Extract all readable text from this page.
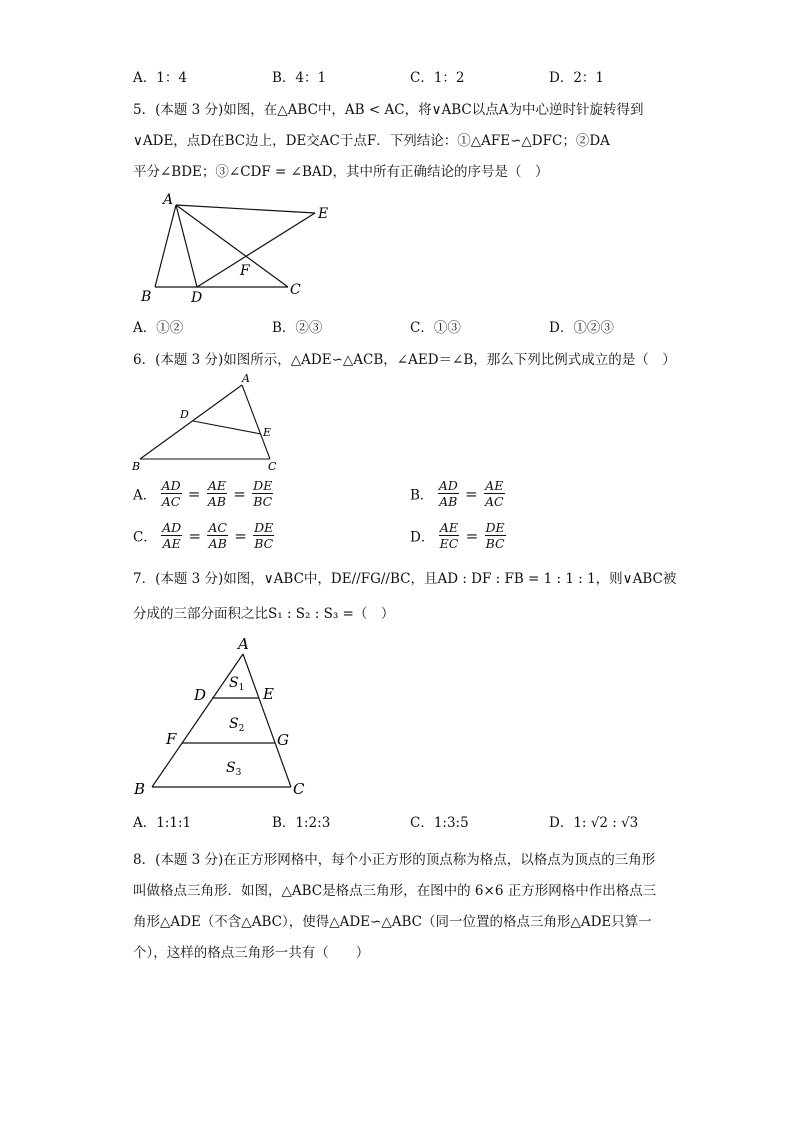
A．1：4	B．4：1	C．1：2	D．2：1
5．(本题 3 分)如图，在△ABC中，AB < AC，将∨ABC以点A为中心逆时针旋转得到
∨ADE，点D在BC边上，DE交AC于点F．下列结论：①△AFE∽△DFC；②DA
平分∠BDE；③∠CDF = ∠BAD，其中所有正确结论的序号是（　）
A
E
F
B	D	C
A．①②	B．②③	C．①③	D．①②③
6．(本题 3 分)如图所示，△ADE∽△ACB，∠AED＝∠B，那么下列比例式成立的是（　）
A
D
E
B	C
A． $\frac{AD}{AC} = \frac{AE}{AB} = \frac{DE}{BC}$	B． $\frac{AD}{AB} = \frac{AE}{AC}$
C． $\frac{AD}{AE} = \frac{AC}{AB} = \frac{DE}{BC}$	D． $\frac{AE}{EC} = \frac{DE}{BC}$
7．(本题 3 分)如图，∨ABC中，DE//FG//BC，且AD : DF : FB = 1 : 1 : 1，则∨ABC被
分成的三部分面积之比S₁ : S₂ : S₃ =（　）
A
D	E
F	G
B	C
$S_1$
$S_2$
$S_3$
A．1:1:1	B．1:2:3	C．1:3:5	D．1: √2 : √3
8．(本题 3 分)在正方形网格中，每个小正方形的顶点称为格点，以格点为顶点的三角形
叫做格点三角形．如图，△ABC是格点三角形，在图中的 6×6 正方形网格中作出格点三
角形△ADE（不含△ABC），使得△ADE∽△ABC（同一位置的格点三角形△ADE只算一
个），这样的格点三角形一共有（　　）
